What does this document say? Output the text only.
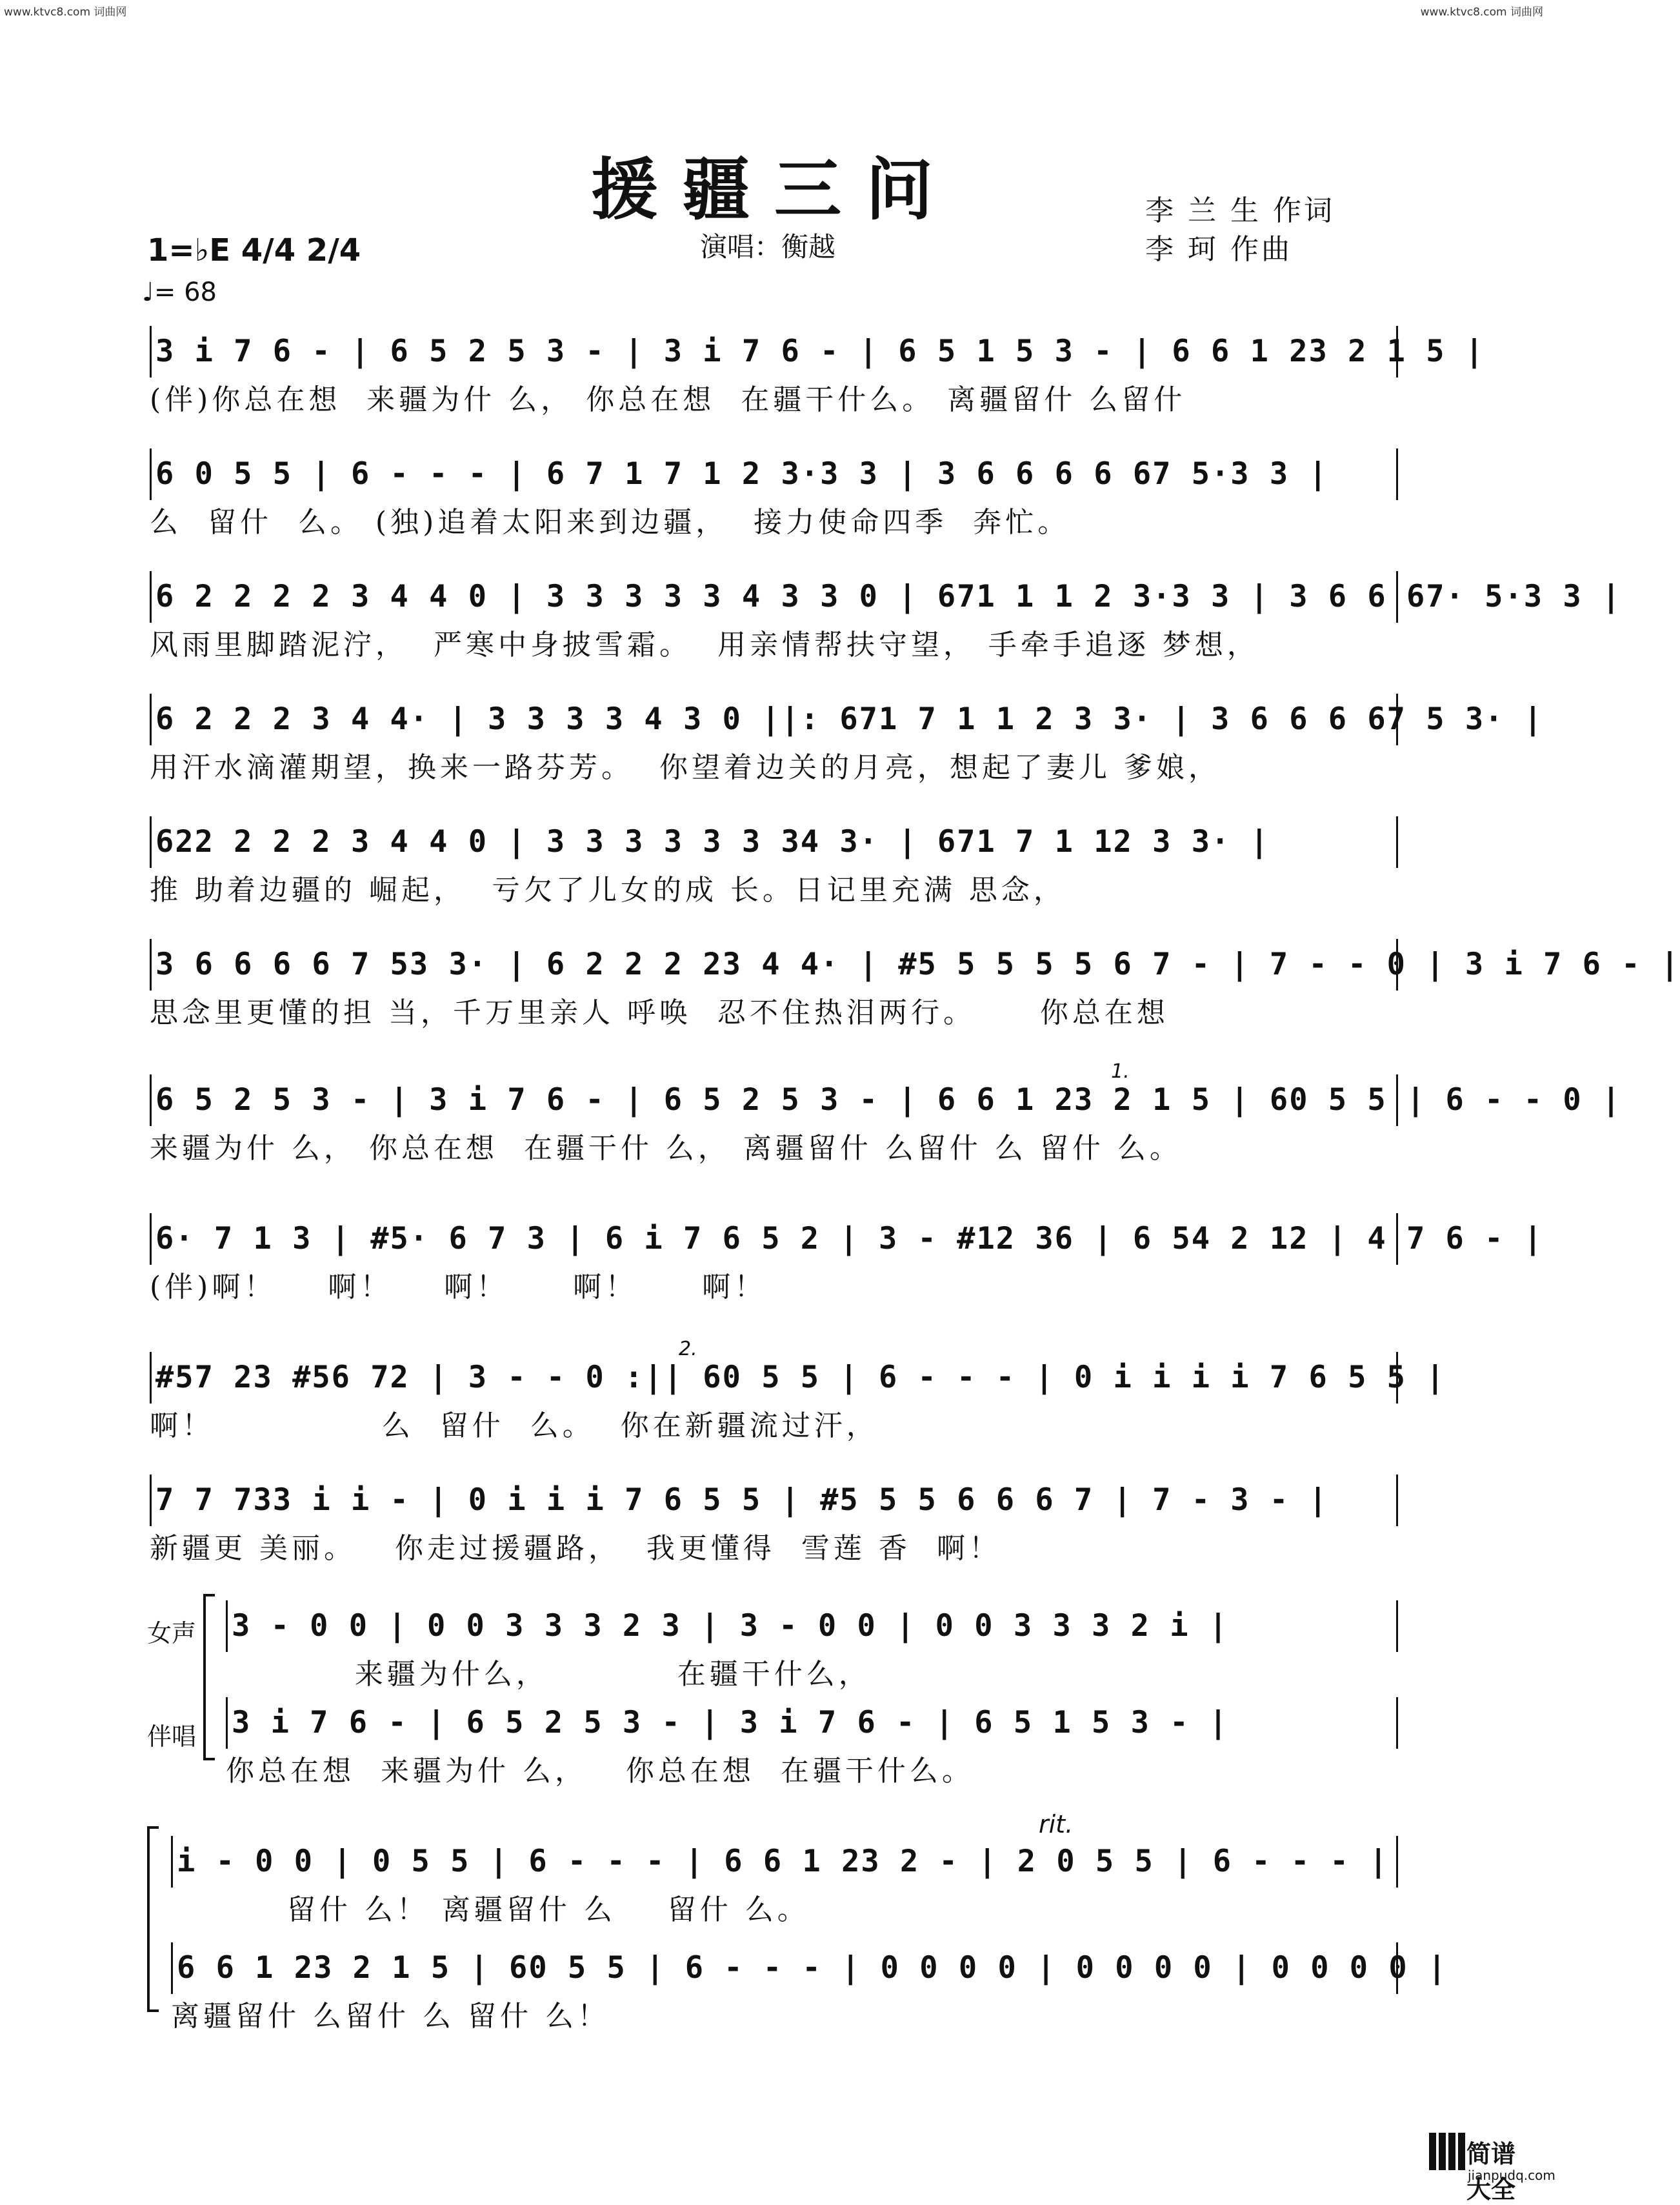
www.ktvc8.com 词曲网	www.ktvc8.com 词曲网
援疆三问
演唱：衡越
李 兰 生 作词
李 珂 作曲
1=♭E 4/4 2/4
♩= 68
3 i 7 6 - | 6 5 2 5 3 - | 3 i 7 6 - | 6 5 1 5 3 - | 6 6 1 23 2 1 5 |
(伴)你总在想  来疆为什 么， 你总在想  在疆干什么。 离疆留什 么留什
6 0 5 5 | 6 - - - | 6 7 1 7 1 2 3·3 3 | 3 6 6 6 6 67 5·3 3 |
么  留什  么。 (独)追着太阳来到边疆，  接力使命四季  奔忙。
6 2 2 2 2 3 4 4 0 | 3 3 3 3 3 4 3 3 0 | 671 1 1 2 3·3 3 | 3 6 6 67· 5·3 3 |
风雨里脚踏泥泞，  严寒中身披雪霜。  用亲情帮扶守望， 手牵手追逐 梦想，
6 2 2 2 3 4 4· | 3 3 3 3 4 3 0 ||: 671 7 1 1 2 3 3· | 3 6 6 6 67 5 3· |
用汗水滴灌期望，换来一路芬芳。  你望着边关的月亮，想起了妻儿 爹娘，
622 2 2 2 3 4 4 0 | 3 3 3 3 3 3 34 3· | 671 7 1 12 3 3· |
推 助着边疆的 崛起，  亏欠了儿女的成 长。日记里充满 思念，
3 6 6 6 6 7 53 3· | 6 2 2 2 23 4 4· | #5 5 5 5 5 6 7 - | 7 - - 0 | 3 i 7 6 - |
思念里更懂的担 当，千万里亲人 呼唤  忍不住热泪两行。     你总在想
1.
6 5 2 5 3 - | 3 i 7 6 - | 6 5 2 5 3 - | 6 6 1 23 2 1 5 | 60 5 5 | 6 - - 0 |
来疆为什 么， 你总在想  在疆干什 么， 离疆留什 么留什 么 留什 么。
6· 7 1 3 | #5· 6 7 3 | 6 i 7 6 5 2 | 3 - #12 36 | 6 54 2 12 | 4 7 6 - |
(伴)啊！    啊！    啊！     啊！     啊！
2.
#57 23 #56 72 | 3 - - 0 :|| 60 5 5 | 6 - - - | 0 i i i i 7 6 5 5 |
啊！             么  留什  么。  你在新疆流过汗，
7 7 733 i i - | 0 i i i 7 6 5 5 | #5 5 5 6 6 6 7 | 7 - 3 - |
新疆更 美丽。   你走过援疆路，  我更懂得  雪莲 香  啊！
女声
伴唱
3 - 0 0 | 0 0 3 3 3 2 3 | 3 - 0 0 | 0 0 3 3 3 2 i |
来疆为什么，          在疆干什么，
3 i 7 6 - | 6 5 2 5 3 - | 3 i 7 6 - | 6 5 1 5 3 - |
你总在想  来疆为什 么，   你总在想  在疆干什么。
rit.
i - 0 0 | 0 5 5 | 6 - - - | 6 6 1 23 2 - | 2 0 5 5 | 6 - - - |
留什 么！ 离疆留什 么    留什 么。
6 6 1 23 2 1 5 | 60 5 5 | 6 - - - | 0 0 0 0 | 0 0 0 0 | 0 0 0 0 |
离疆留什 么留什 么 留什 么！
简谱大全
jianpudq.com
